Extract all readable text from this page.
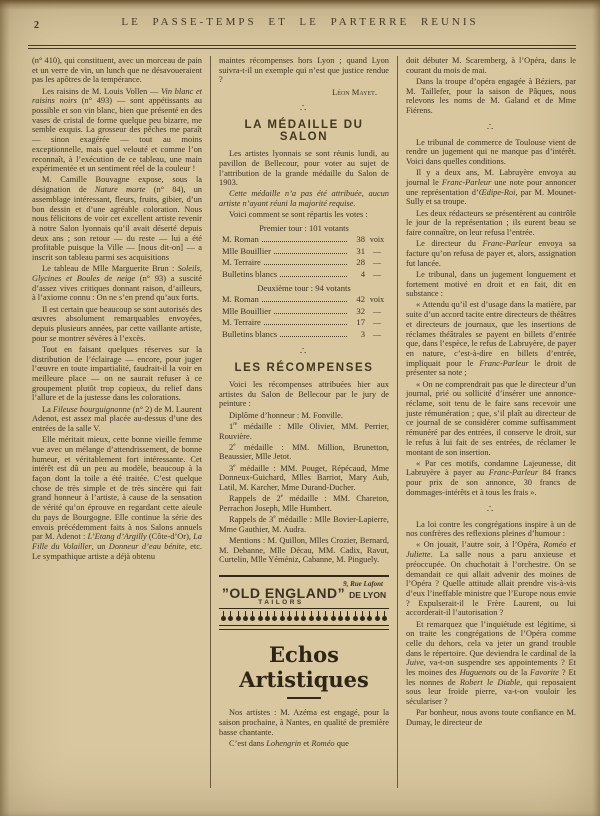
2	LE PASSE-TEMPS ET LE PARTERRE REUNIS

(n° 410), qui constituent, avec un morceau de pain et un verre de vin, un lunch que ne désavoueraient pas les apôtres de la tempérance.

Les raisins de M. Louis Vollen — Vin blanc et raisins noirs (n° 493) — sont appétissants au possible et son vin blanc, bien que présenté en des vases de cristal de forme quelque peu bizarre, me semble exquis. La grosseur des pêches me paraît — sinon exagérée — tout au moins exceptionnelle, mais quel velouté et comme l’on reconnaît, à l’exécution de ce tableau, une main expérimentée et un sentiment réel de la couleur !

M. Camille Bouvagne expose, sous la désignation de Nature morte (n° 84), un assemblage intéressant, fleurs, fruits, gibier, d’un bon dessin et d’une agréable coloration. Nous nous félicitons de voir cet excellent artiste revenir à notre Salon lyonnais qu’il avait déserté depuis deux ans ; son retour — du reste — lui a été profitable puisque la Ville — [nous dit-on] — a inscrit son tableau parmi ses acquisitions

Le tableau de Mlle Marguerite Brun : Soleils, Glycines et Boules de neige (n° 93) a suscité d’assez vives critiques donnant raison, d’ailleurs, à l’axiome connu : On ne s’en prend qu’aux forts.

Il est certain que beaucoup se sont autorisés des œuvres absolument remarquables envoyées, depuis plusieurs années, par cette vaillante artiste, pour se montrer sévères à l’excès.

Tout en faisant quelques réserves sur la distribution de l’éclairage — encore, pour juger l’œuvre en toute impartialité, faudrait-il la voir en meilleure place — on ne saurait refuser à ce groupement plutôt trop copieux, du relief dans l’allure et de la justesse dans les colorations.

La Fileuse bourguignonne (n° 2) de M. Laurent Adenot, est assez mal placée au-dessus d’une des entrées de la salle V.

Elle méritait mieux, cette bonne vieille femme vue avec un mélange d’attendrissement, de bonne humeur, et véritablement fort intéressante. Cet intérêt est dû un peu au modèle, beaucoup à la façon dont la toile a été traitée. C’est quelque chose de très simple et de très sincère qui fait grand honneur à l’artiste, à cause de la sensation de vérité qu’on éprouve en regardant cette aïeule du pays de Bourgogne. Elle continue la série des envois précédemment faits à nos Salons annuels par M. Adenot : L’Etang d’Argilly (Côte-d’Or), La Fille du Volailler, un Donneur d’eau bénite, etc. Le sympathique artiste a déjà obtenu

maintes récompenses hors Lyon ; quand Lyon suivra-t-il un exemple qui n’est que justice rendue ?

Léon Mayet.
∴
LA MÉDAILLE DU SALON

Les artistes lyonnais se sont réunis lundi, au pavillon de Bellecour, pour voter au sujet de l’attribution de la grande médaille du Salon de 1903.

Cette médaille n’a pas été attribuée, aucun artiste n’ayant réuni la majorité requise.

Voici comment se sont répartis les votes :

Premier tour : 101 votants
M. Roman	38 voix
Mlle Bouillier	31	—
M. Terraire	28	—
Bulletins blancs	4	—
Deuxième tour : 94 votants
M. Roman	42 voix
Mlle Bouillier	32	—
M. Terraire	17	—
Bulletins blancs	3	—
∴
LES RÉCOMPENSES

Voici les récompenses attribuées hier aux artistes du Salon de Bellecour par le jury de peinture :

Diplôme d’honneur : M. Fonville.

1re médaille : Mlle Olivier, MM. Perrier, Rouvière.

2e médaille : MM. Million, Brunetton, Beaussier, Mlle Jetot.

3e médaille : MM. Pouget, Répécaud, Mme Donneux-Guichard, Mlles Barriot, Mary Aub, Latil, M. Karcher, Mme Durand-Ducher.

Rappels de 2e médaille : MM. Chareton, Perrachon Joseph, Mlle Humbert.

Rappels de 3e médaille : Mlle Bovier-Lapierre, Mme Gauthier, M. Audra.

Mentions : M. Quillon, Mlles Crozier, Bernard, M. Debanne, Mlle Décau, MM. Cadix, Ravut, Curtelin, Mlle Yéméniz, Cabanne, M. Pinguely.

9, Rue Lafont
”OLD ENGLAND” DE LYON
TAILORS
Echos Artistiques

Nos artistes : M. Azéma est engagé, pour la saison prochaine, à Nantes, en qualité de première basse chantante.

C’est dans Lohengrin et Roméo que

doit débuter M. Scaremberg, à l’Opéra, dans le courant du mois de mai.

Dans la troupe d’opéra engagée à Béziers, par M. Taillefer, pour la saison de Pâques, nous relevons les noms de M. Galand et de Mme Fiérens.

∴

Le tribunal de commerce de Toulouse vient de rendre un jugement qui ne manque pas d’intérêt. Voici dans quelles conditions.

Il y a deux ans, M. Labruyère envoya au journal le Franc-Parleur une note pour annoncer une représentation d’Œdipe-Roi, par M. Mounet-Sully et sa troupe.

Les deux rédacteurs se présentèrent au contrôle le jour de la représentation ; ils eurent beau se faire connaître, on leur refusa l’entrée.

Le directeur du Franc-Parleur envoya sa facture qu’on refusa de payer et, alors, assignation fut lancée.

Le tribunal, dans un jugement longuement et fortement motivé en droit et en fait, dit en substance :

« Attendu qu’il est d’usage dans la matière, par suite d’un accord tacite entre directeurs de théâtres et directeurs de journaux, que les insertions de réclames théâtrales se payent en billets d’entrée que, dans l’espèce, le refus de Labruyère, de payer en nature, c’est-à-dire en billets d’entrée, impliquait pour le Franc-Parleur le droit de présenter sa note ;

« On ne comprendrait pas que le directeur d’un journal, prié ou sollicité d’insérer une annonce-réclame, soit tenu de le faire sans recevoir une juste rémunération ; que, s’il plaît au directeur de ce journal de se considérer comme suffisamment rémunéré par des entrées, il conserve le droit, sur le refus à lui fait de ses entrées, de réclamer le montant de son insertion.

« Par ces motifs, condamne Lajeunesse, dit Labruyère à payer au Franc-Parleur 84 francs pour prix de son annonce, 30 francs de dommages-intérêts et à tous les frais ».

∴

La loi contre les congrégations inspire à un de nos confrères des reflexions pleines d’humour :

« On jouait, l’autre soir, à l’Opéra, Roméo et Juliette. La salle nous a paru anxieuse et préoccupée. On chuchotait à l’orchestre. On se demandait ce qui allait advenir des moines de l’Opéra ? Quelle attitude allait prendre vis-à-vis d’eux l’ineffable ministre que l’Europe nous envie ? Expulserait-il le Frère Laurent, ou lui accorderait-il l’autorisation ?

Et remarquez que l’inquiétude est légitime, si on traite les congrégations de l’Opéra comme celle du dehors, cela va jeter un grand trouble dans le répertoire. Que deviendra le cardinal de la Juive, va-t-on suspendre ses appointements ? Et les moines des Huguenots ou de la Favorite ? Et les nonnes de Robert le Diable, qui reposaient sous leur froide pierre, va-t-on vouloir les séculariser ?

Par bonheur, nous avons toute confiance en M. Dumay, le directeur de
